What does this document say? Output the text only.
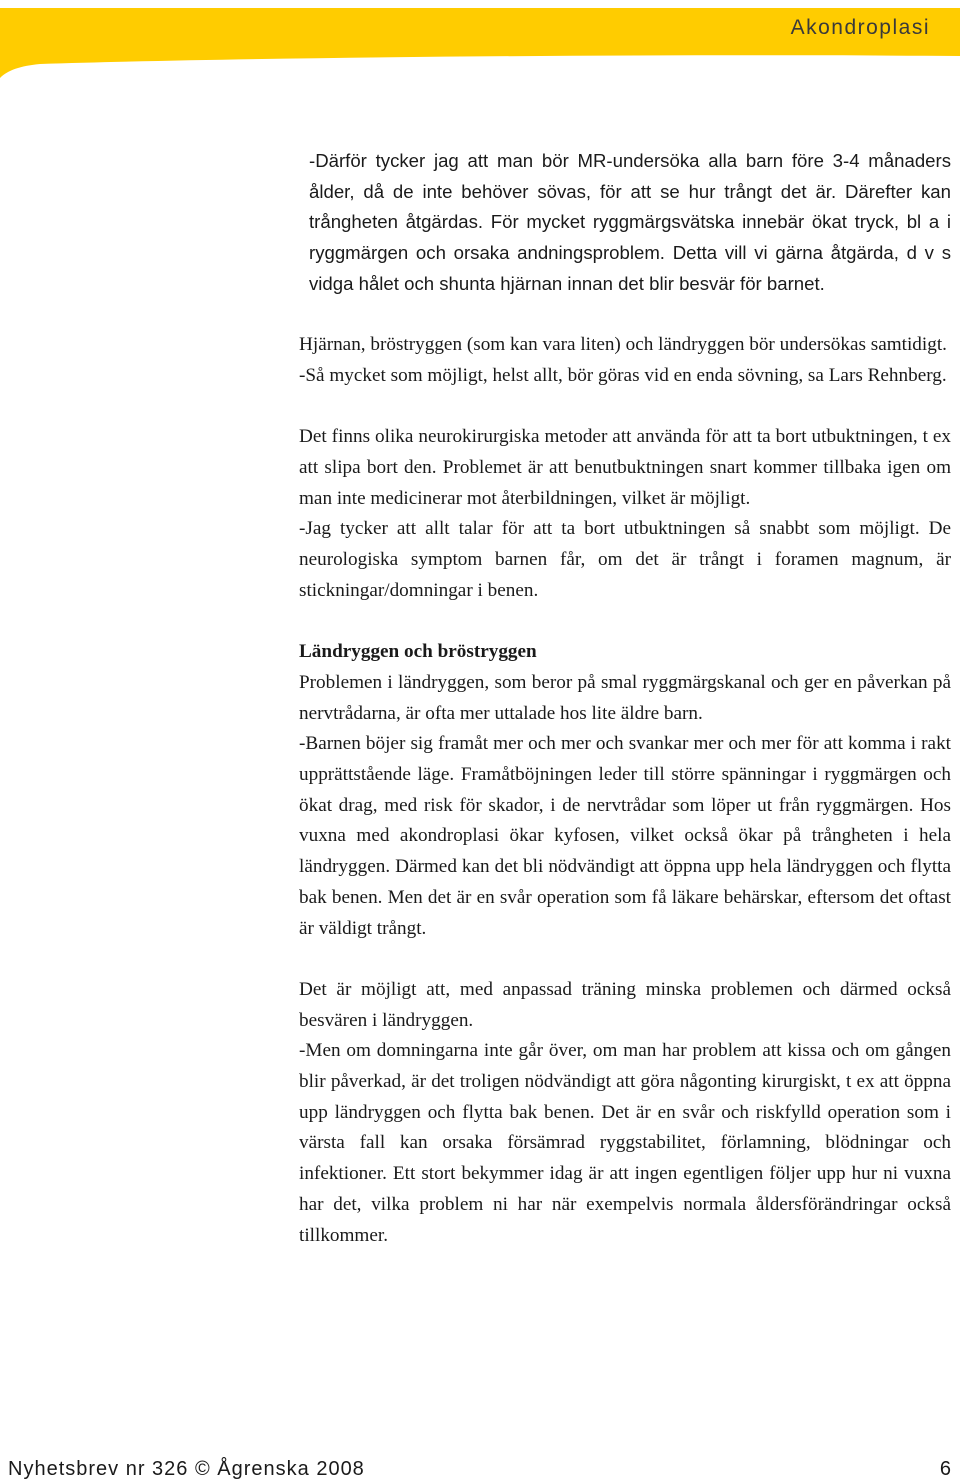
Akondroplasi

-Därför tycker jag att man bör MR-undersöka alla barn före 3-4 månaders ålder, då de inte behöver sövas, för att se hur trångt det är. Därefter kan trångheten åtgärdas. För mycket ryggmärgsvätska innebär ökat tryck, bl a i ryggmärgen och orsaka andningsproblem. Detta vill vi gärna åtgärda, d v s vidga hålet och shunta hjärnan innan det blir besvär för barnet.

Hjärnan, bröstryggen (som kan vara liten) och ländryggen bör undersökas samtidigt.

-Så mycket som möjligt, helst allt, bör göras vid en enda sövning, sa Lars Rehnberg.

Det finns olika neurokirurgiska metoder att använda för att ta bort utbuktningen, t ex att slipa bort den. Problemet är att benutbuktningen snart kommer tillbaka igen om man inte medicinerar mot återbildningen, vilket är möjligt.

-Jag tycker att allt talar för att ta bort utbuktningen så snabbt som möjligt. De neurologiska symptom barnen får, om det är trångt i foramen magnum, är stickningar/domningar i benen.

Ländryggen och bröstryggen

Problemen i ländryggen, som beror på smal ryggmärgskanal och ger en påverkan på nervtrådarna, är ofta mer uttalade hos lite äldre barn.

-Barnen böjer sig framåt mer och mer och svankar mer och mer för att komma i rakt upprättstående läge. Framåtböjningen leder till större spänningar i ryggmärgen och ökat drag, med risk för skador, i de nervtrådar som löper ut från ryggmärgen. Hos vuxna med akondroplasi ökar kyfosen, vilket också ökar på trångheten i hela ländryggen. Därmed kan det bli nödvändigt att öppna upp hela ländryggen och flytta bak benen. Men det är en svår operation som få läkare behärskar, eftersom det oftast är väldigt trångt.

Det är möjligt att, med anpassad träning minska problemen och därmed också besvären i ländryggen.

-Men om domningarna inte går över, om man har problem att kissa och om gången blir påverkad, är det troligen nödvändigt att göra någonting kirurgiskt, t ex att öppna upp ländryggen och flytta bak benen. Det är en svår och riskfylld operation som i värsta fall kan orsaka försämrad ryggstabilitet, förlamning, blödningar och infektioner. Ett stort bekymmer idag är att ingen egentligen följer upp hur ni vuxna har det, vilka problem ni har när exempelvis normala åldersförändringar också tillkommer.

Nyhetsbrev nr 326 © Ågrenska 2008	6
